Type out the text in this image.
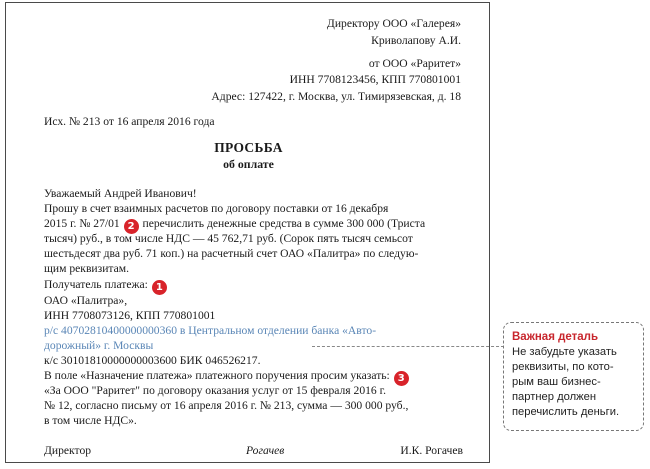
Директору ООО «Галерея»
Криволапову А.И.
от ООО «Раритет»
ИНН 7708123456, КПП 770801001
Адрес: 127422, г. Москва, ул. Тимирязевская, д. 18
Исх. № 213 от 16 апреля 2016 года
ПРОСЬБА
об оплате
Уважаемый Андрей Иванович!
Прошу в счет взаимных расчетов по договору поставки от 16 декабря
2015 г. № 27/01 2 перечислить денежные средства в сумме 300 000 (Триста
тысяч) руб., в том числе НДС — 45 762,71 руб. (Сорок пять тысяч семьсот
шестьдесят два руб. 71 коп.) на расчетный счет ОАО «Палитра» по следую-
щим реквизитам.
Получатель платежа: 1
ОАО «Палитра»,
ИНН 7708073126, КПП 770801001
р/с 40702810400000000360 в Центральном отделении банка «Авто-
дорожный» г. Москвы
к/с 30101810000000003600 БИК 046526217.
В поле «Назначение платежа» платежного поручения просим указать: 3
«За ООО "Раритет" по договору оказания услуг от 15 февраля 2016 г.
№ 12, согласно письму от 16 апреля 2016 г. № 213, сумма — 300 000 руб.,
в том числе НДС».
Директор	Рогачев	И.К. Рогачев
Важная деталь
Не забудьте указать
реквизиты, по кото-
рым ваш бизнес-
партнер должен
перечислить деньги.
